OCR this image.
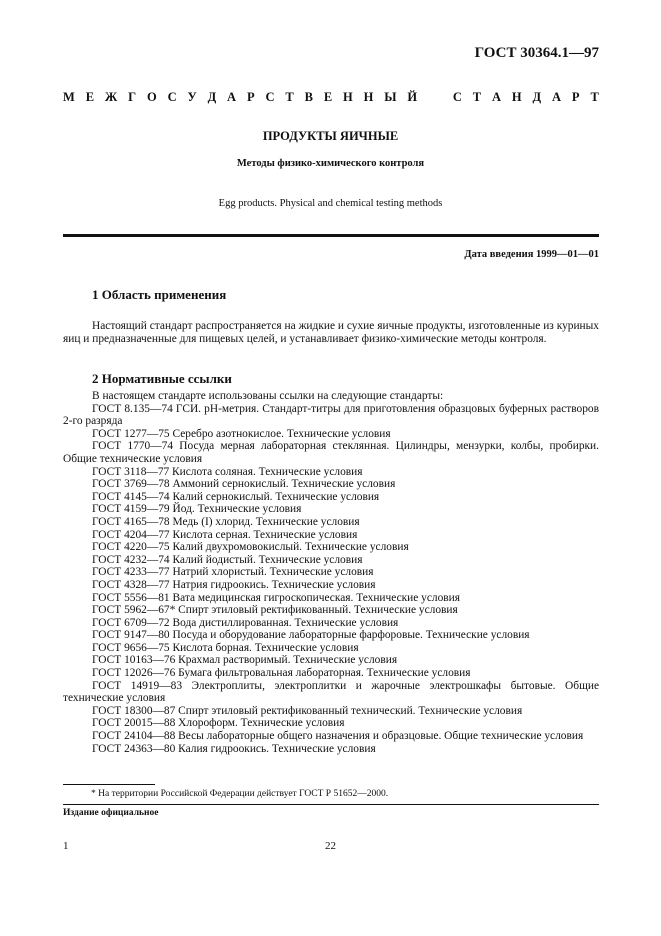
ГОСТ 30364.1—97
М Е Ж Г О С У Д А Р С Т В Е Н Н Ы Й	С Т А Н Д А Р Т
ПРОДУКТЫ ЯИЧНЫЕ
Методы физико-химического контроля
Egg products. Physical and chemical testing methods
Дата введения 1999—01—01
1 Область применения
Настоящий стандарт распространяется на жидкие и сухие яичные продукты, изготовленные из куриных яиц и предназначенные для пищевых целей, и устанавливает физико-химические методы контроля.
2 Нормативные ссылки

В настоящем стандарте использованы ссылки на следующие стандарты:

ГОСТ 8.135—74 ГСИ. pH-метрия. Стандарт-титры для приготовления образцовых буферных растворов 2-го разряда

ГОСТ 1277—75 Серебро азотнокислое. Технические условия

ГОСТ 1770—74 Посуда мерная лабораторная стеклянная. Цилиндры, мензурки, колбы, пробирки. Общие технические условия

ГОСТ 3118—77 Кислота соляная. Технические условия

ГОСТ 3769—78 Аммоний сернокислый. Технические условия

ГОСТ 4145—74 Калий сернокислый. Технические условия

ГОСТ 4159—79 Йод. Технические условия

ГОСТ 4165—78 Медь (I) хлорид. Технические условия

ГОСТ 4204—77 Кислота серная. Технические условия

ГОСТ 4220—75 Калий двухромовокислый. Технические условия

ГОСТ 4232—74 Калий йодистый. Технические условия

ГОСТ 4233—77 Натрий хлористый. Технические условия

ГОСТ 4328—77 Натрия гидроокись. Технические условия

ГОСТ 5556—81 Вата медицинская гигроскопическая. Технические условия

ГОСТ 5962—67* Спирт этиловый ректификованный. Технические условия

ГОСТ 6709—72 Вода дистиллированная. Технические условия

ГОСТ 9147—80 Посуда и оборудование лабораторные фарфоровые. Технические условия

ГОСТ 9656—75 Кислота борная. Технические условия

ГОСТ 10163—76 Крахмал растворимый. Технические условия

ГОСТ 12026—76 Бумага фильтровальная лабораторная. Технические условия

ГОСТ 14919—83 Электроплиты, электроплитки и жарочные электрошкафы бытовые. Общие технические условия

ГОСТ 18300—87 Спирт этиловый ректификованный технический. Технические условия

ГОСТ 20015—88 Хлороформ. Технические условия

ГОСТ 24104—88 Весы лабораторные общего назначения и образцовые. Общие технические условия

ГОСТ 24363—80 Калия гидроокись. Технические условия

* На территории Российской Федерации действует ГОСТ Р 51652—2000.
Издание официальное
1	22
